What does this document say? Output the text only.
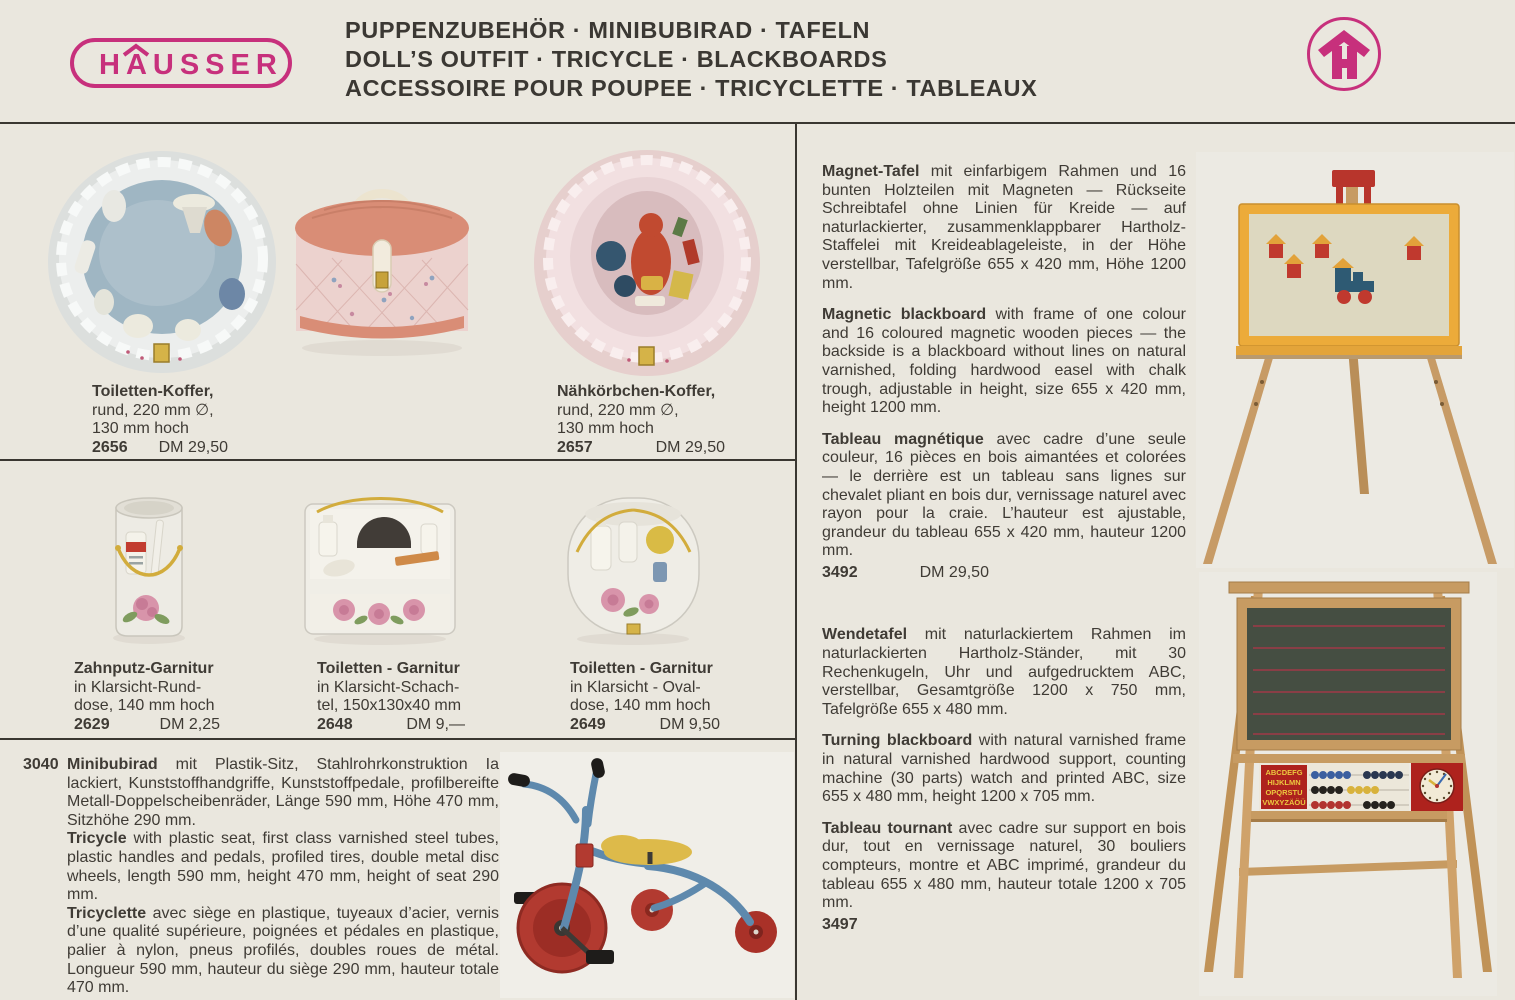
HAUSSER
PUPPENZUBEHÖR · MINIBUBIRAD · TAFELN
DOLL’S OUTFIT · TRICYCLE · BLACKBOARDS
ACCESSOIRE POUR POUPEE · TRICYCLETTE · TABLEAUX
Toiletten-Koffer,
rund, 220 mm ∅,
130 mm hoch
2656 DM 29,50
Nähkörbchen-Koffer,
rund, 220 mm ∅,
130 mm hoch
2657	DM 29,50
Zahnputz-Garnitur
in Klarsicht-Rund-
dose, 140 mm hoch
2629	DM 2,25
Toiletten - Garnitur
in Klarsicht-Schach-
tel, 150x130x40 mm
2648	DM 9,—
Toiletten - Garnitur
in Klarsicht - Oval-
dose, 140 mm hoch
2649	DM 9,50
3040 Minibubirad mit Plastik-Sitz, Stahlrohrkonstruktion Ia lackiert, Kunststoffhandgriffe, Kunststoffpedale, profilbereifte Metall-Doppelscheibenräder, Länge 590 mm, Höhe 470 mm, Sitzhöhe 290 mm.

Tricycle with plastic seat, first class varnished steel tubes, plastic handles and pedals, profiled tires, double metal disc wheels, length 590 mm, height 470 mm, height of seat 290 mm.

Tricyclette avec siège en plastique, tuyeaux d’acier, vernis d’une qualité supérieure, poignées et pédales en plastique, palier à nylon, pneus profilés, doubles roues de métal. Longueur 590 mm, hauteur du siège 290 mm, hauteur totale 470 mm.

Magnet-Tafel mit einfarbigem Rahmen und 16 bunten Holzteilen mit Magneten — Rückseite Schreibtafel ohne Linien für Kreide — auf naturlackierter, zusammenklappbarer Hartholz-Staffelei mit Kreideablageleiste, in der Höhe verstellbar, Tafelgröße 655 x 420 mm, Höhe 1200 mm.

Magnetic blackboard with frame of one colour and 16 coloured magnetic wooden pieces — the backside is a blackboard without lines on natural varnished, folding hardwood easel with chalk trough, adjustable in height, size 655 x 420 mm, height 1200 mm.

Tableau magnétique avec cadre d’une seule couleur, 16 pièces en bois aimantées et colorées — le derrière est un tableau sans lignes sur chevalet pliant en bois dur, vernissage naturel avec rayon pour la craie. L’hauteur est ajustable, grandeur du tableau 655 x 420 mm, hauteur 1200 mm.

3492	DM 29,50

Wendetafel mit naturlackiertem Rahmen im naturlackierten Hartholz-Ständer, mit 30 Rechenkugeln, Uhr und aufgedrucktem ABC, verstellbar, Gesamtgröße 1200 x 750 mm, Tafelgröße 655 x 480 mm.

Turning blackboard with natural varnished frame in natural varnished hardwood support, counting machine (30 parts) watch and printed ABC, size 655 x 480 mm, height 1200 x 705 mm.

Tableau tournant avec cadre sur support en bois dur, tout en vernissage naturel, 30 bouliers compteurs, montre et ABC imprimé, grandeur du tableau 655 x 480 mm, hauteur totale 1200 x 705 mm.

3497
ABCDEFG
HIJKLMN
OPQRSTU
VWXYZÄÖÜ
